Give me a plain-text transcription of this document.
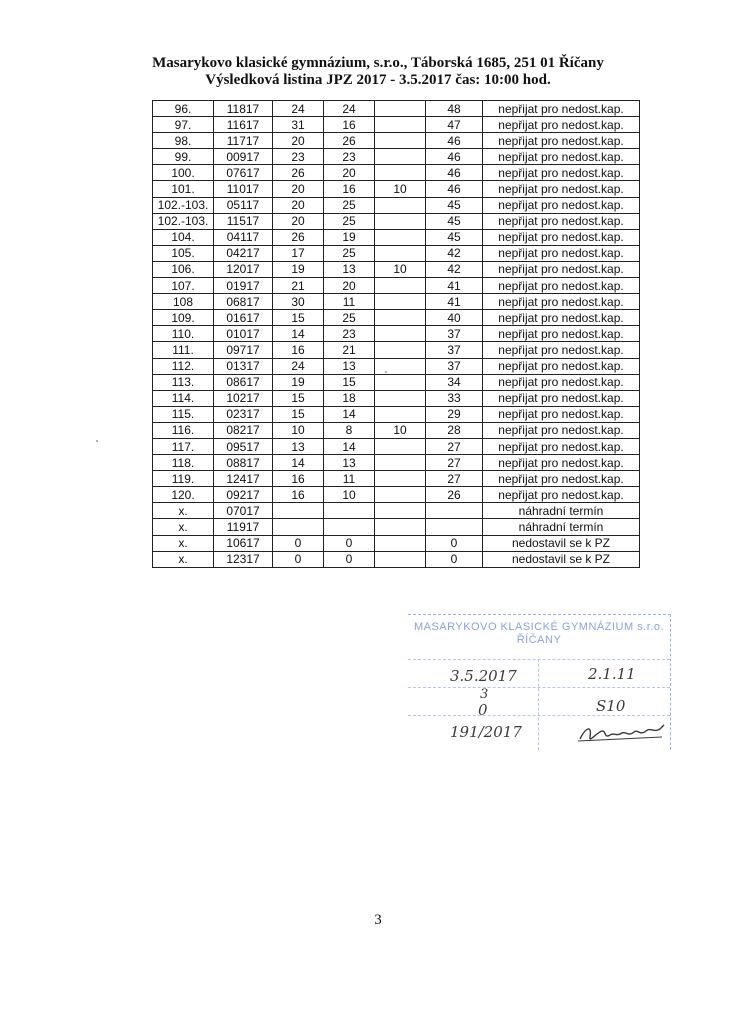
Masarykovo klasické gymnázium, s.r.o., Táborská 1685, 251 01 Říčany
Výsledková listina JPZ 2017 - 3.5.2017 čas: 10:00 hod.
96.	11817	24	24		48	nepřijat pro nedost.kap.
97.	11617	31	16		47	nepřijat pro nedost.kap.
98.	11717	20	26		46	nepřijat pro nedost.kap.
99.	00917	23	23		46	nepřijat pro nedost.kap.
100.	07617	26	20		46	nepřijat pro nedost.kap.
101.	11017	20	16	10	46	nepřijat pro nedost.kap.
102.-103.	05117	20	25		45	nepřijat pro nedost.kap.
102.-103.	11517	20	25		45	nepřijat pro nedost.kap.
104.	04117	26	19		45	nepřijat pro nedost.kap.
105.	04217	17	25		42	nepřijat pro nedost.kap.
106.	12017	19	13	10	42	nepřijat pro nedost.kap.
107.	01917	21	20		41	nepřijat pro nedost.kap.
108	06817	30	11		41	nepřijat pro nedost.kap.
109.	01617	15	25		40	nepřijat pro nedost.kap.
110.	01017	14	23		37	nepřijat pro nedost.kap.
111.	09717	16	21		37	nepřijat pro nedost.kap.
112.	01317	24	13		37	nepřijat pro nedost.kap.
113.	08617	19	15		34	nepřijat pro nedost.kap.
114.	10217	15	18		33	nepřijat pro nedost.kap.
115.	02317	15	14		29	nepřijat pro nedost.kap.
116.	08217	10	8	10	28	nepřijat pro nedost.kap.
117.	09517	13	14		27	nepřijat pro nedost.kap.
118.	08817	14	13		27	nepřijat pro nedost.kap.
119.	12417	16	11		27	nepřijat pro nedost.kap.
120.	09217	16	10		26	nepřijat pro nedost.kap.
x.	07017					náhradní termín
x.	11917					náhradní termín
x.	10617	0	0		0	nedostavil se k PZ
x.	12317	0	0		0	nedostavil se k PZ
MASARYKOVO KLASICKÉ GYMNÁZIUM s.r.o.
ŘÍČANY
3.5.2017	2.1.11
3
0	S10
191/2017
3
